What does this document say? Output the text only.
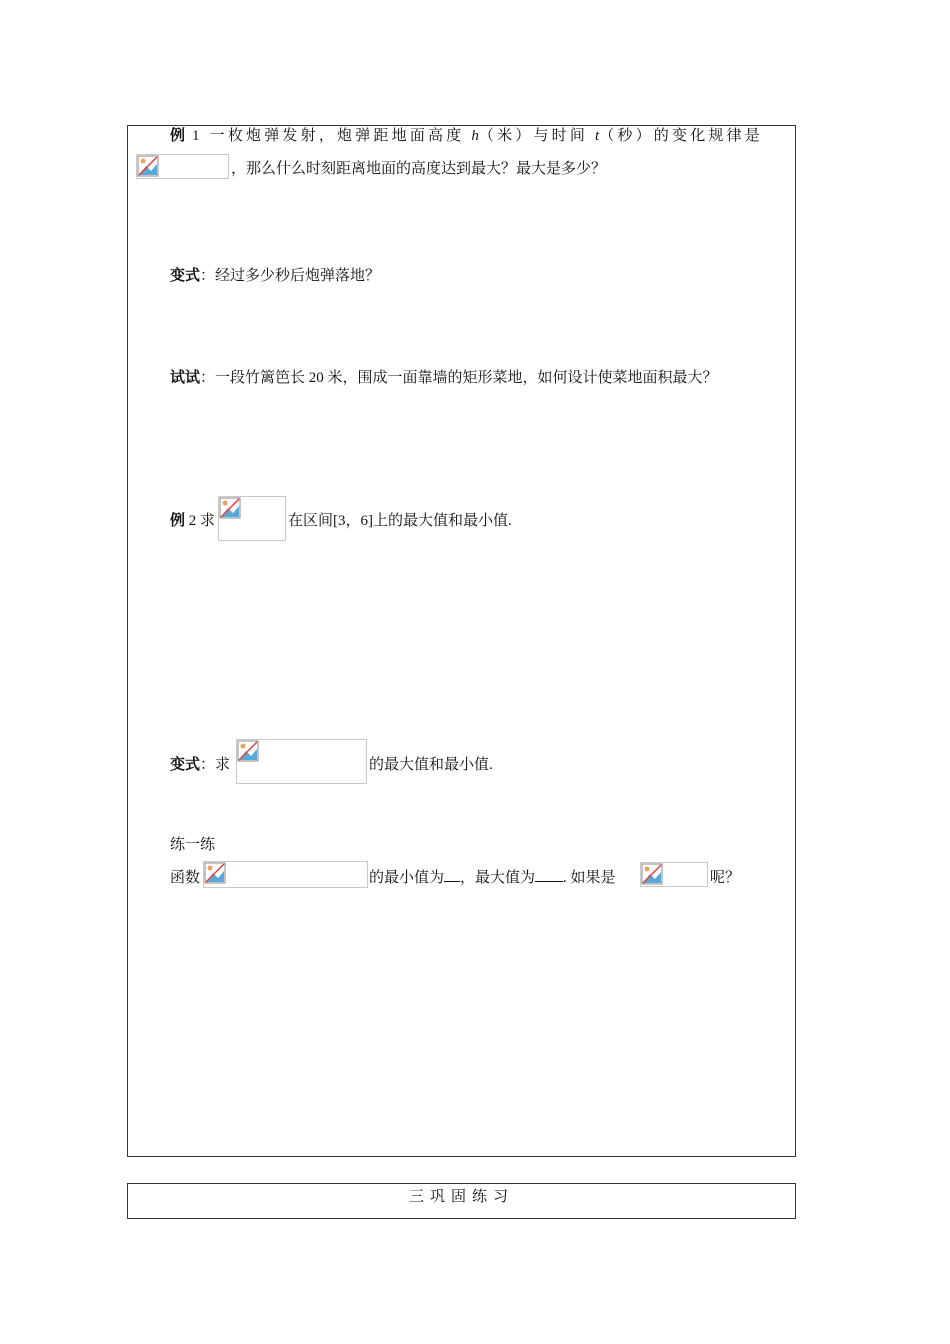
例 1 一枚炮弹发射，炮弹距地面高度 h（米）与时间 t（秒）的变化规律是
，那么什么时刻距离地面的高度达到最大？最大是多少？
变式：经过多少秒后炮弹落地？
试试：一段竹篱笆长 20 米，围成一面靠墙的矩形菜地，如何设计使菜地面积最大？
例 2 求	在区间[3，6]上的最大值和最小值.
变式：求	的最大值和最小值.
练一练
函数	的最小值为 ，最大值为 . 如果是	呢？
三巩固练习
